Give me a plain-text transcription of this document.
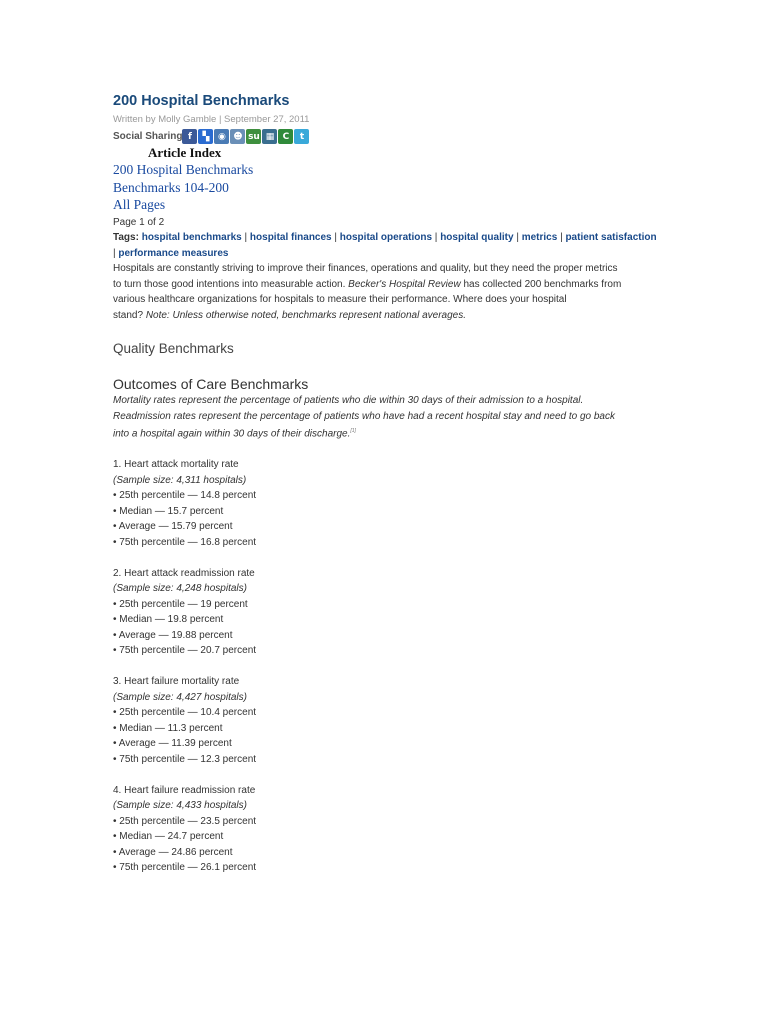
200 Hospital Benchmarks
Written by Molly Gamble | September 27, 2011
Social Sharing f	▚ ◉ ☻ su ▦ C	t
Article Index
200 Hospital Benchmarks
Benchmarks 104-200
All Pages
Page 1 of 2
Tags: hospital benchmarks | hospital finances | hospital operations | hospital quality | metrics | patient satisfaction | performance measures
Hospitals are constantly striving to improve their finances, operations and quality, but they need the proper metrics
to turn those good intentions into measurable action. Becker's Hospital Review has collected 200 benchmarks from
various healthcare organizations for hospitals to measure their performance. Where does your hospital
stand? Note: Unless otherwise noted, benchmarks represent national averages.
Quality Benchmarks
Outcomes of Care Benchmarks
Mortality rates represent the percentage of patients who die within 30 days of their admission to a hospital.
Readmission rates represent the percentage of patients who have had a recent hospital stay and need to go back
into a hospital again within 30 days of their discharge.[1]
1. Heart attack mortality rate
(Sample size: 4,311 hospitals)
• 25th percentile — 14.8 percent
• Median — 15.7 percent
• Average — 15.79 percent
• 75th percentile — 16.8 percent
2. Heart attack readmission rate
(Sample size: 4,248 hospitals)
• 25th percentile — 19 percent
• Median — 19.8 percent
• Average — 19.88 percent
• 75th percentile — 20.7 percent
3. Heart failure mortality rate
(Sample size: 4,427 hospitals)
• 25th percentile — 10.4 percent
• Median — 11.3 percent
• Average — 11.39 percent
• 75th percentile — 12.3 percent
4. Heart failure readmission rate
(Sample size: 4,433 hospitals)
• 25th percentile — 23.5 percent
• Median — 24.7 percent
• Average — 24.86 percent
• 75th percentile — 26.1 percent
